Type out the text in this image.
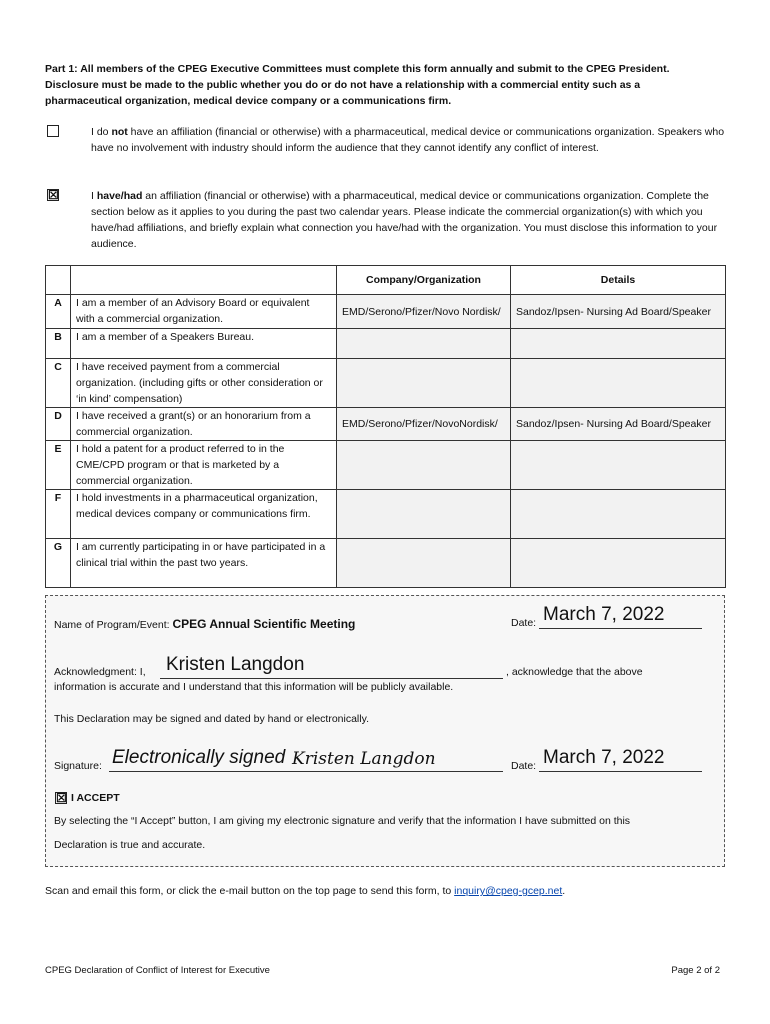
Part 1: All members of the CPEG Executive Committees must complete this form annually and submit to the CPEG President.
Disclosure must be made to the public whether you do or do not have a relationship with a commercial entity such as a
pharmaceutical organization, medical device company or a communications firm.
I do not have an affiliation (financial or otherwise) with a pharmaceutical, medical device or communications organization. Speakers who have no involvement with industry should inform the audience that they cannot identify any conflict of interest.
☒	I have/had an affiliation (financial or otherwise) with a pharmaceutical, medical device or communications organization. Complete the section below as it applies to you during the past two calendar years. Please indicate the commercial organization(s) with which you have/had affiliations, and briefly explain what connection you have/had with the organization. You must disclose this information to your audience.
		Company/Organization	Details
A	I am a member of an Advisory Board or equivalent with a commercial organization.	EMD/Serono/Pfizer/Novo Nordisk/	Sandoz/Ipsen- Nursing Ad Board/Speaker
B	I am a member of a Speakers Bureau.		
C	I have received payment from a commercial organization. (including gifts or other consideration or ‘in kind’ compensation)		
D	I have received a grant(s) or an honorarium from a commercial organization.	EMD/Serono/Pfizer/NovoNordisk/	Sandoz/Ipsen- Nursing Ad Board/Speaker
E	I hold a patent for a product referred to in the CME/CPD program or that is marketed by a commercial organization.		
F	I hold investments in a pharmaceutical organization, medical devices company or communications firm.		
G	I am currently participating in or have participated in a clinical trial within the past two years.		
Name of Program/Event: CPEG Annual Scientific Meeting	Date: March 7, 2022
Acknowledgment: I, Kristen Langdon	, acknowledge that the above
information is accurate and I understand that this information will be publicly available.
This Declaration may be signed and dated by hand or electronically.
Signature: Electronically signed Kristen Langdon	Date: March 7, 2022
☒ I ACCEPT
By selecting the “I Accept” button, I am giving my electronic signature and verify that the information I have submitted on this
Declaration is true and accurate.
Scan and email this form, or click the e-mail button on the top page to send this form, to inquiry@cpeg-gcep.net.
CPEG Declaration of Conflict of Interest for Executive	Page 2 of 2
